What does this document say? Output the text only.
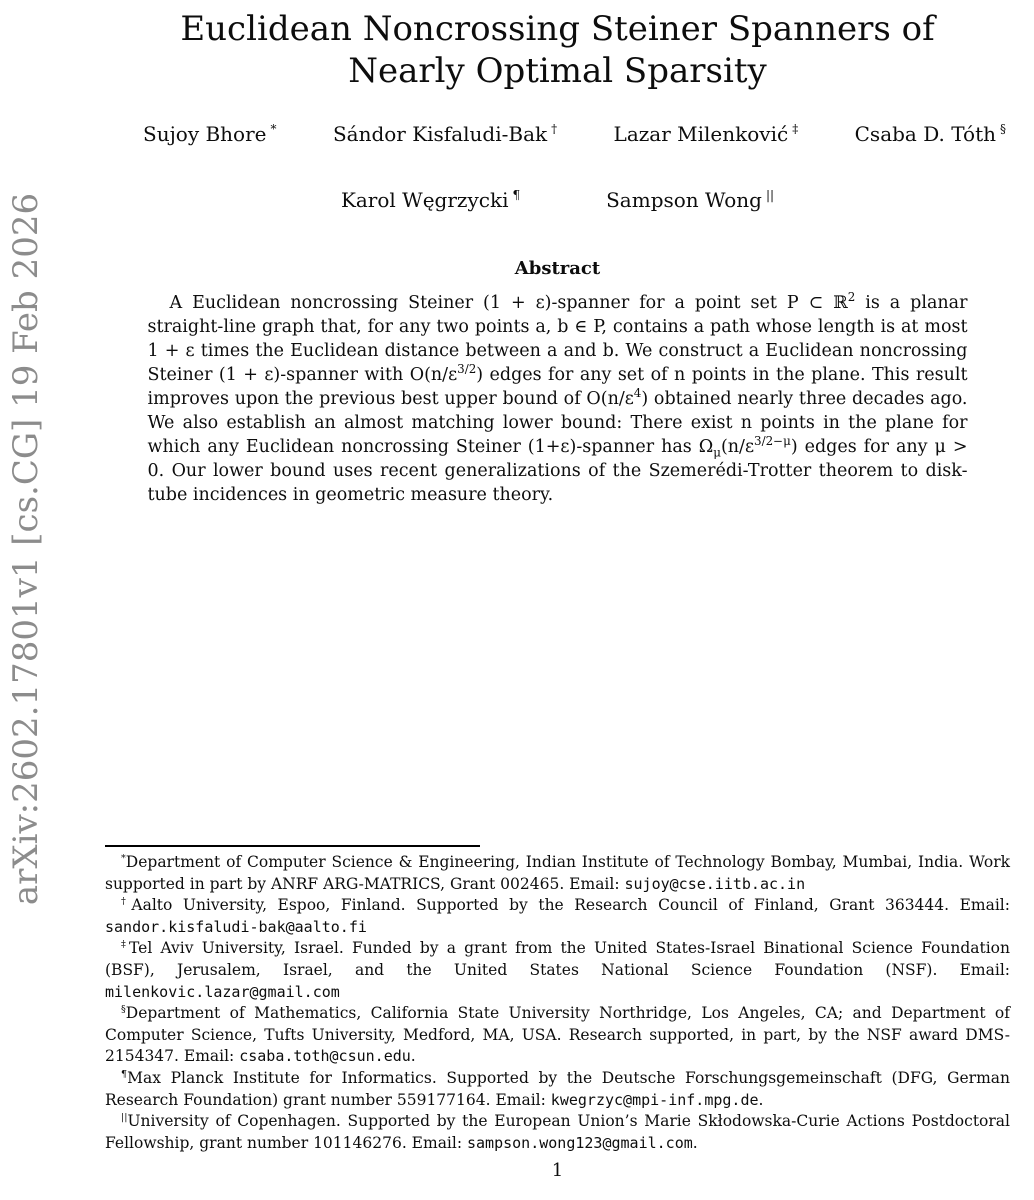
arXiv:2602.17801v1 [cs.CG] 19 Feb 2026
Euclidean Noncrossing Steiner Spanners of
Nearly Optimal Sparsity
Sujoy Bhore *	Sándor Kisfaludi-Bak †	Lazar Milenković ‡	Csaba D. Tóth §
Karol Węgrzycki ¶	Sampson Wong ||
Abstract

A Euclidean noncrossing Steiner (1 + ε)-spanner for a point set P ⊂ ℝ$^2$ is a planar straight-line graph that, for any two points a, b ∈ P, contains a path whose length is at most 1 + ε times the Euclidean distance between a and b. We construct a Euclidean noncrossing Steiner (1 + ε)-spanner with $O(n/\varepsilon^{3/2})$ edges for any set of n points in the plane. This result improves upon the previous best upper bound of $O(n/\varepsilon^4)$ obtained nearly three decades ago. We also establish an almost matching lower bound: There exist n points in the plane for which any Euclidean noncrossing Steiner (1+ε)-spanner has $\Omega_\mu(n/\varepsilon^{3/2-\mu})$ edges for any μ > 0. Our lower bound uses recent generalizations of the Szemerédi-Trotter theorem to disk-tube incidences in geometric measure theory.

*Department of Computer Science & Engineering, Indian Institute of Technology Bombay, Mumbai, India. Work supported in part by ANRF ARG-MATRICS, Grant 002465. Email: sujoy@cse.iitb.ac.in

†Aalto University, Espoo, Finland. Supported by the Research Council of Finland, Grant 363444. Email: sandor.kisfaludi-bak@aalto.fi

‡Tel Aviv University, Israel. Funded by a grant from the United States-Israel Binational Science Foundation (BSF), Jerusalem, Israel, and the United States National Science Foundation (NSF). Email: milenkovic.lazar@gmail.com

§Department of Mathematics, California State University Northridge, Los Angeles, CA; and Department of Computer Science, Tufts University, Medford, MA, USA. Research supported, in part, by the NSF award DMS-2154347. Email: csaba.toth@csun.edu.

¶Max Planck Institute for Informatics. Supported by the Deutsche Forschungsgemeinschaft (DFG, German Research Foundation) grant number 559177164. Email: kwegrzyc@mpi-inf.mpg.de.

||University of Copenhagen. Supported by the European Union’s Marie Skłodowska-Curie Actions Postdoctoral Fellowship, grant number 101146276. Email: sampson.wong123@gmail.com.

1
